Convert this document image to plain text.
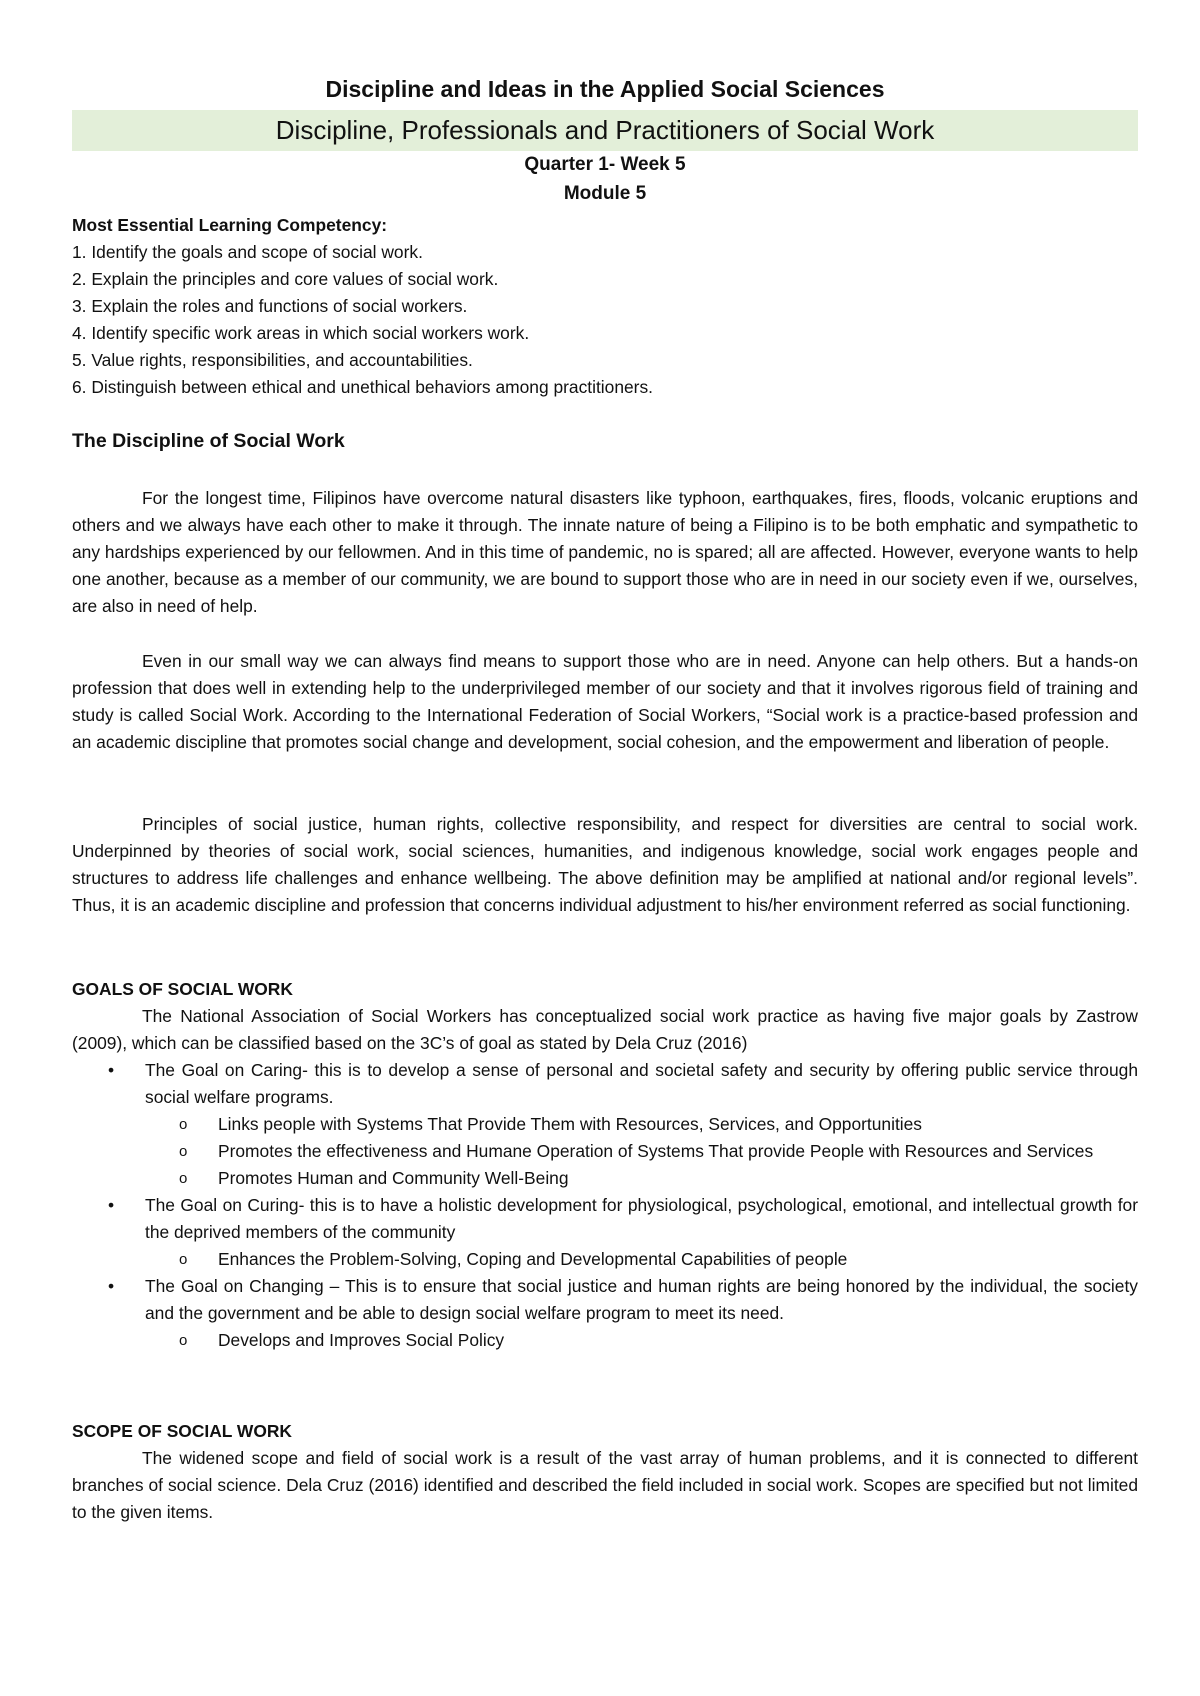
Discipline and Ideas in the Applied Social Sciences
Discipline, Professionals and Practitioners of Social Work
Quarter 1- Week 5
Module 5
Most Essential Learning Competency:
1. Identify the goals and scope of social work.
2. Explain the principles and core values of social work.
3. Explain the roles and functions of social workers.
4. Identify specific work areas in which social workers work.
5. Value rights, responsibilities, and accountabilities.
6. Distinguish between ethical and unethical behaviors among practitioners.
The Discipline of Social Work

For the longest time, Filipinos have overcome natural disasters like typhoon, earthquakes, fires, floods, volcanic eruptions and others and we always have each other to make it through. The innate nature of being a Filipino is to be both emphatic and sympathetic to any hardships experienced by our fellowmen. And in this time of pandemic, no is spared; all are affected. However, everyone wants to help one another, because as a member of our community, we are bound to support those who are in need in our society even if we, ourselves, are also in need of help.

Even in our small way we can always find means to support those who are in need. Anyone can help others. But a hands-on profession that does well in extending help to the underprivileged member of our society and that it involves rigorous field of training and study is called Social Work. According to the International Federation of Social Workers, “Social work is a practice-based profession and an academic discipline that promotes social change and development, social cohesion, and the empowerment and liberation of people.

Principles of social justice, human rights, collective responsibility, and respect for diversities are central to social work. Underpinned by theories of social work, social sciences, humanities, and indigenous knowledge, social work engages people and structures to address life challenges and enhance wellbeing. The above definition may be amplified at national and/or regional levels”. Thus, it is an academic discipline and profession that concerns individual adjustment to his/her environment referred as social functioning.

GOALS OF SOCIAL WORK

The National Association of Social Workers has conceptualized social work practice as having five major goals by Zastrow (2009), which can be classified based on the 3C’s of goal as stated by Dela Cruz (2016)

•	The Goal on Caring- this is to develop a sense of personal and societal safety and security by offering public service through social welfare programs.
o Links people with Systems That Provide Them with Resources, Services, and Opportunities
o Promotes the effectiveness and Humane Operation of Systems That provide People with Resources and Services
o Promotes Human and Community Well-Being
•	The Goal on Curing- this is to have a holistic development for physiological, psychological, emotional, and intellectual growth for the deprived members of the community
o Enhances the Problem-Solving, Coping and Developmental Capabilities of people
•	The Goal on Changing – This is to ensure that social justice and human rights are being honored by the individual, the society and the government and be able to design social welfare program to meet its need.
o Develops and Improves Social Policy
SCOPE OF SOCIAL WORK

The widened scope and field of social work is a result of the vast array of human problems, and it is connected to different branches of social science. Dela Cruz (2016) identified and described the field included in social work. Scopes are specified but not limited to the given items.
